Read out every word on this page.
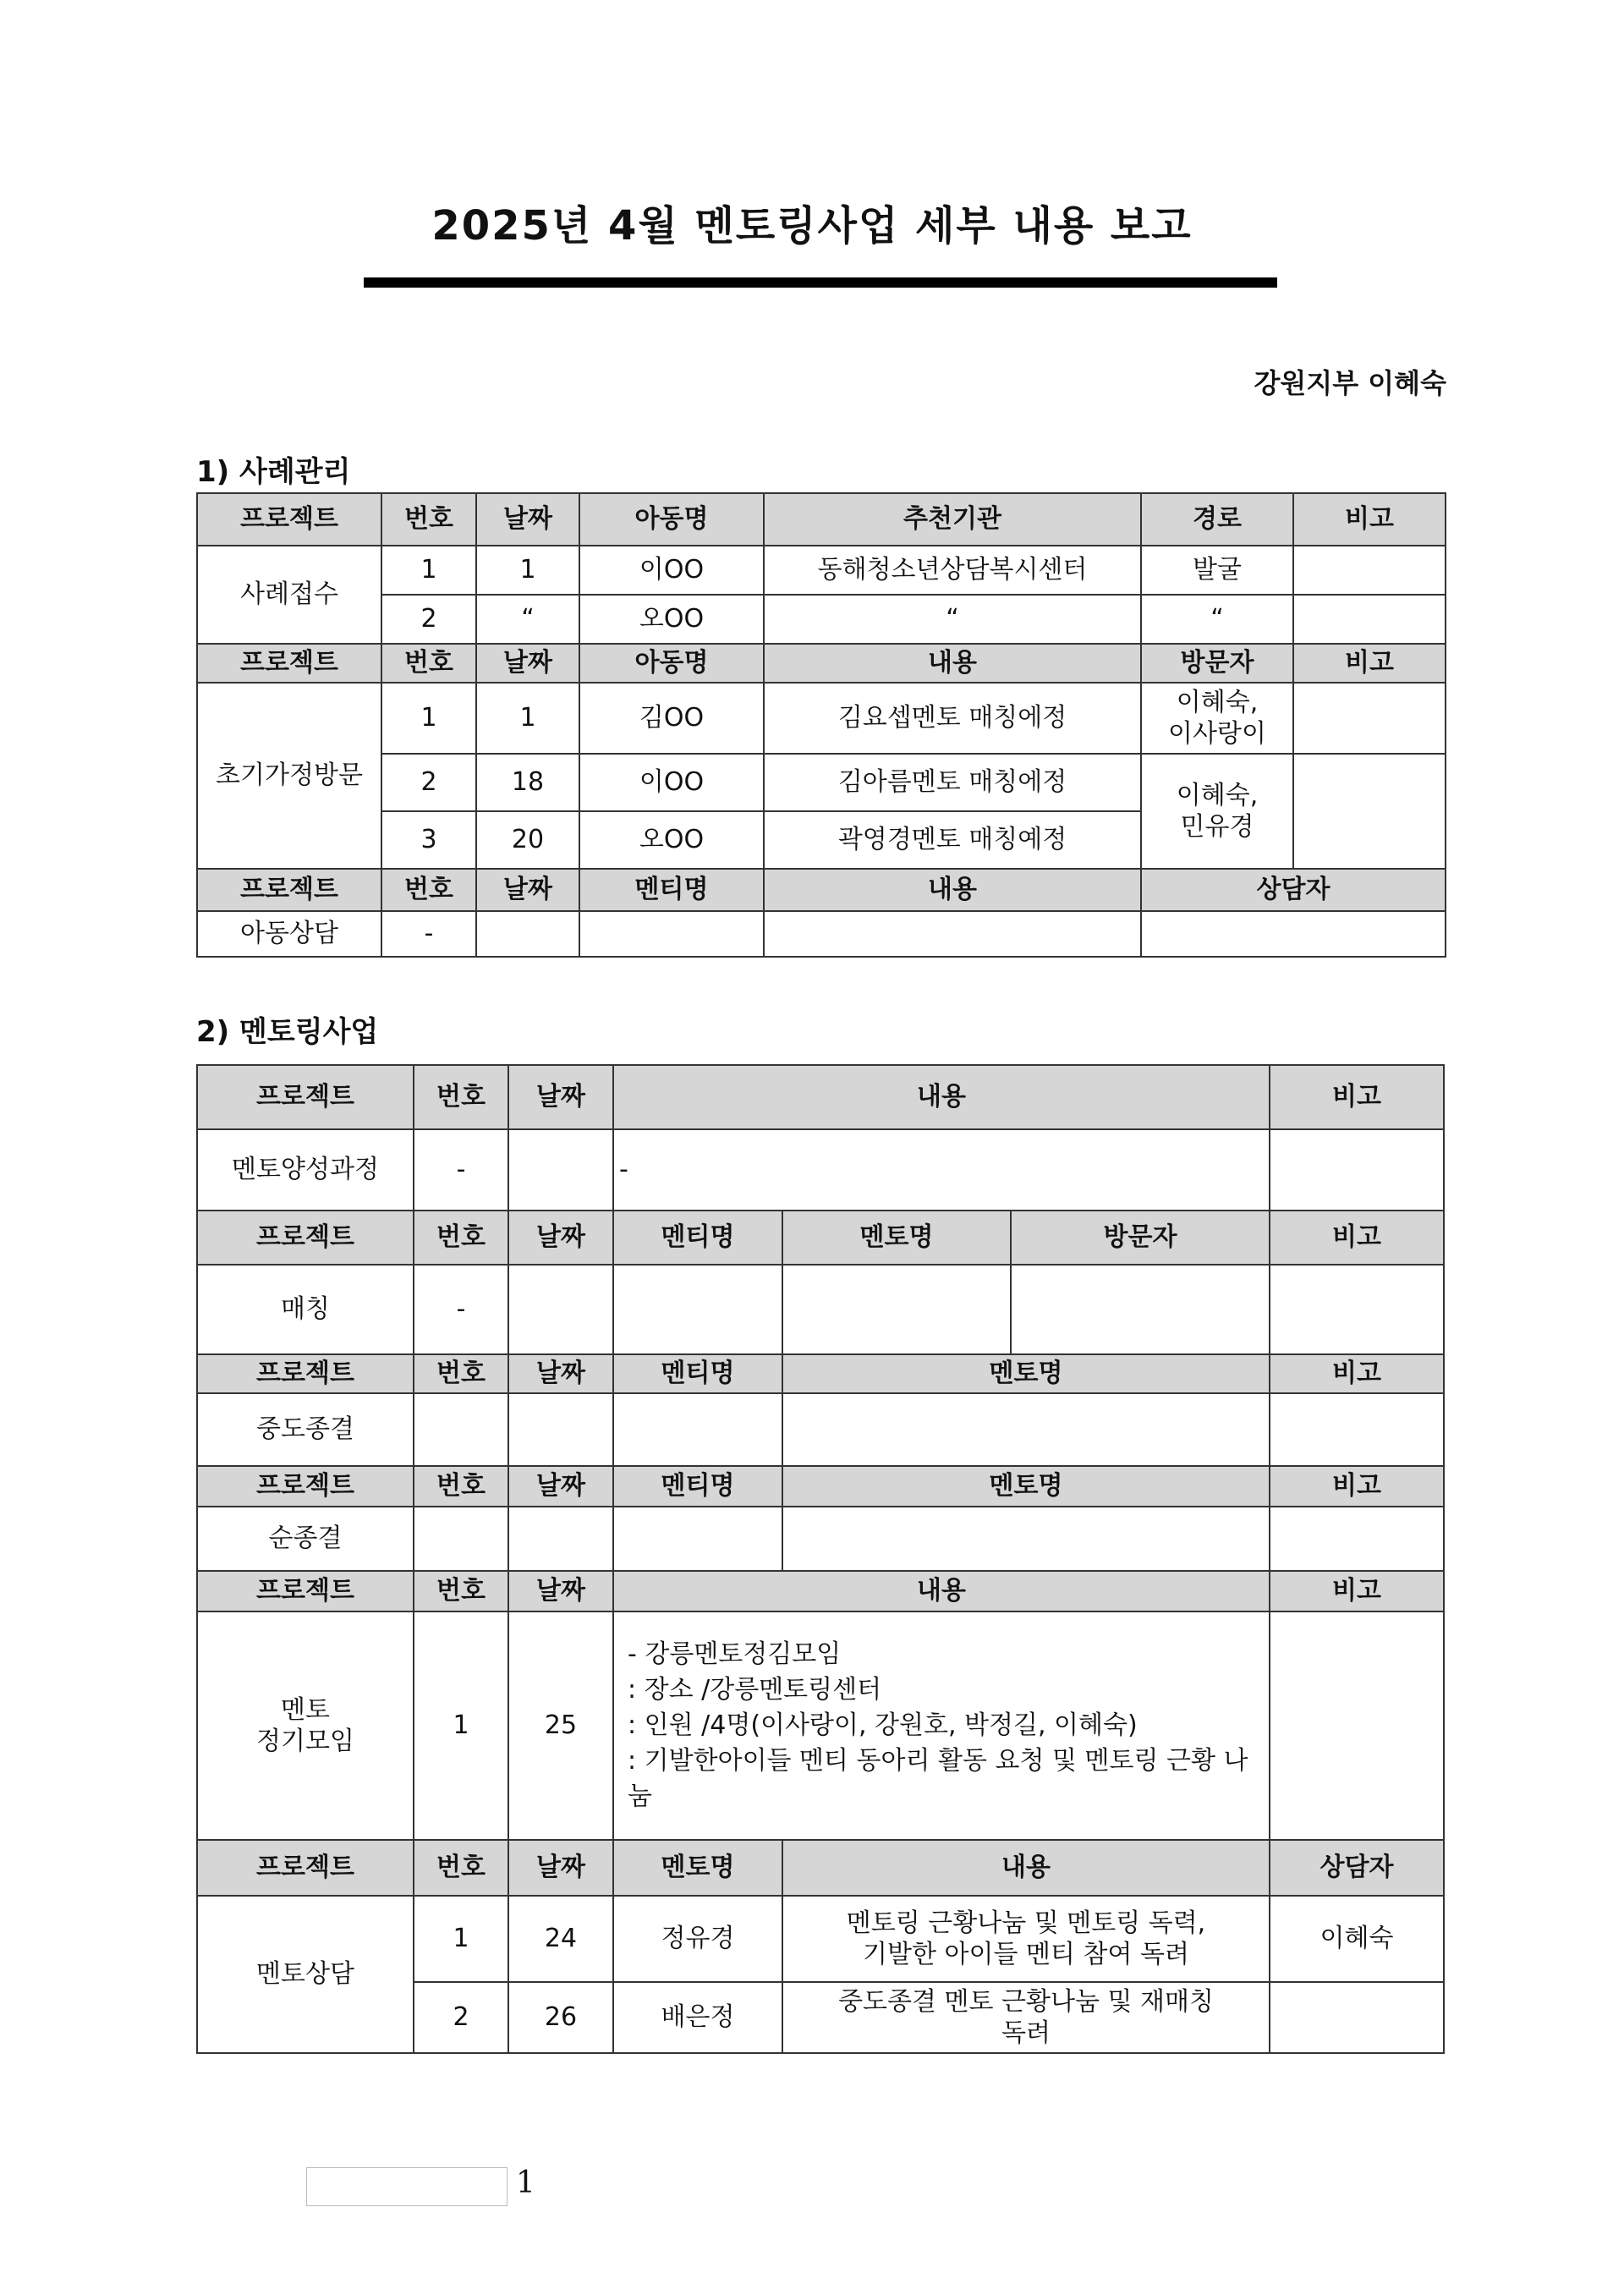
2025년 4월 멘토링사업 세부 내용 보고
강원지부 이혜숙
1) 사례관리
프로젝트	번호	날짜	아동명	추천기관	경로	비고
사례접수	1	1	이OO	동해청소년상담복시센터	발굴	
	2	“	오OO	“	“	
프로젝트	번호	날짜	아동명	내용	방문자	비고
초기가정방문	1	1	김OO	김요셉멘토 매칭에정	이혜숙,
이사랑이	
	2	18	이OO	김아름멘토 매칭에정	이혜숙,
민유경	
	3	20	오OO	곽영경멘토 매칭예정		
프로젝트	번호	날짜	멘티명	내용	상담자	
아동상담	-					
2) 멘토링사업
프로젝트	번호	날짜	내용			비고
멘토양성과정	-		-			
프로젝트	번호	날짜	멘티명	멘토명	방문자	비고
매칭	-					
프로젝트	번호	날짜	멘티명	멘토명		비고
중도종결						
프로젝트	번호	날짜	멘티명	멘토명		비고
순종결						
프로젝트	번호	날짜	내용			비고
멘토
정기모임	1	25	- 강릉멘토정김모임
: 장소 /강릉멘토링센터
: 인원 /4명(이사랑이, 강원호, 박정길, 이혜숙)
: 기발한아이들 멘티 동아리 활동 요청 및 멘토링 근황 나눔			
프로젝트	번호	날짜	멘토명	내용		상담자
멘토상담	1	24	정유경	멘토링 근황나눔 및 멘토링 독력,
기발한 아이들 멘티 참여 독려		이혜숙
	2	26	배은정	중도종결 멘토 근황나눔 및 재매칭
독려		
1
